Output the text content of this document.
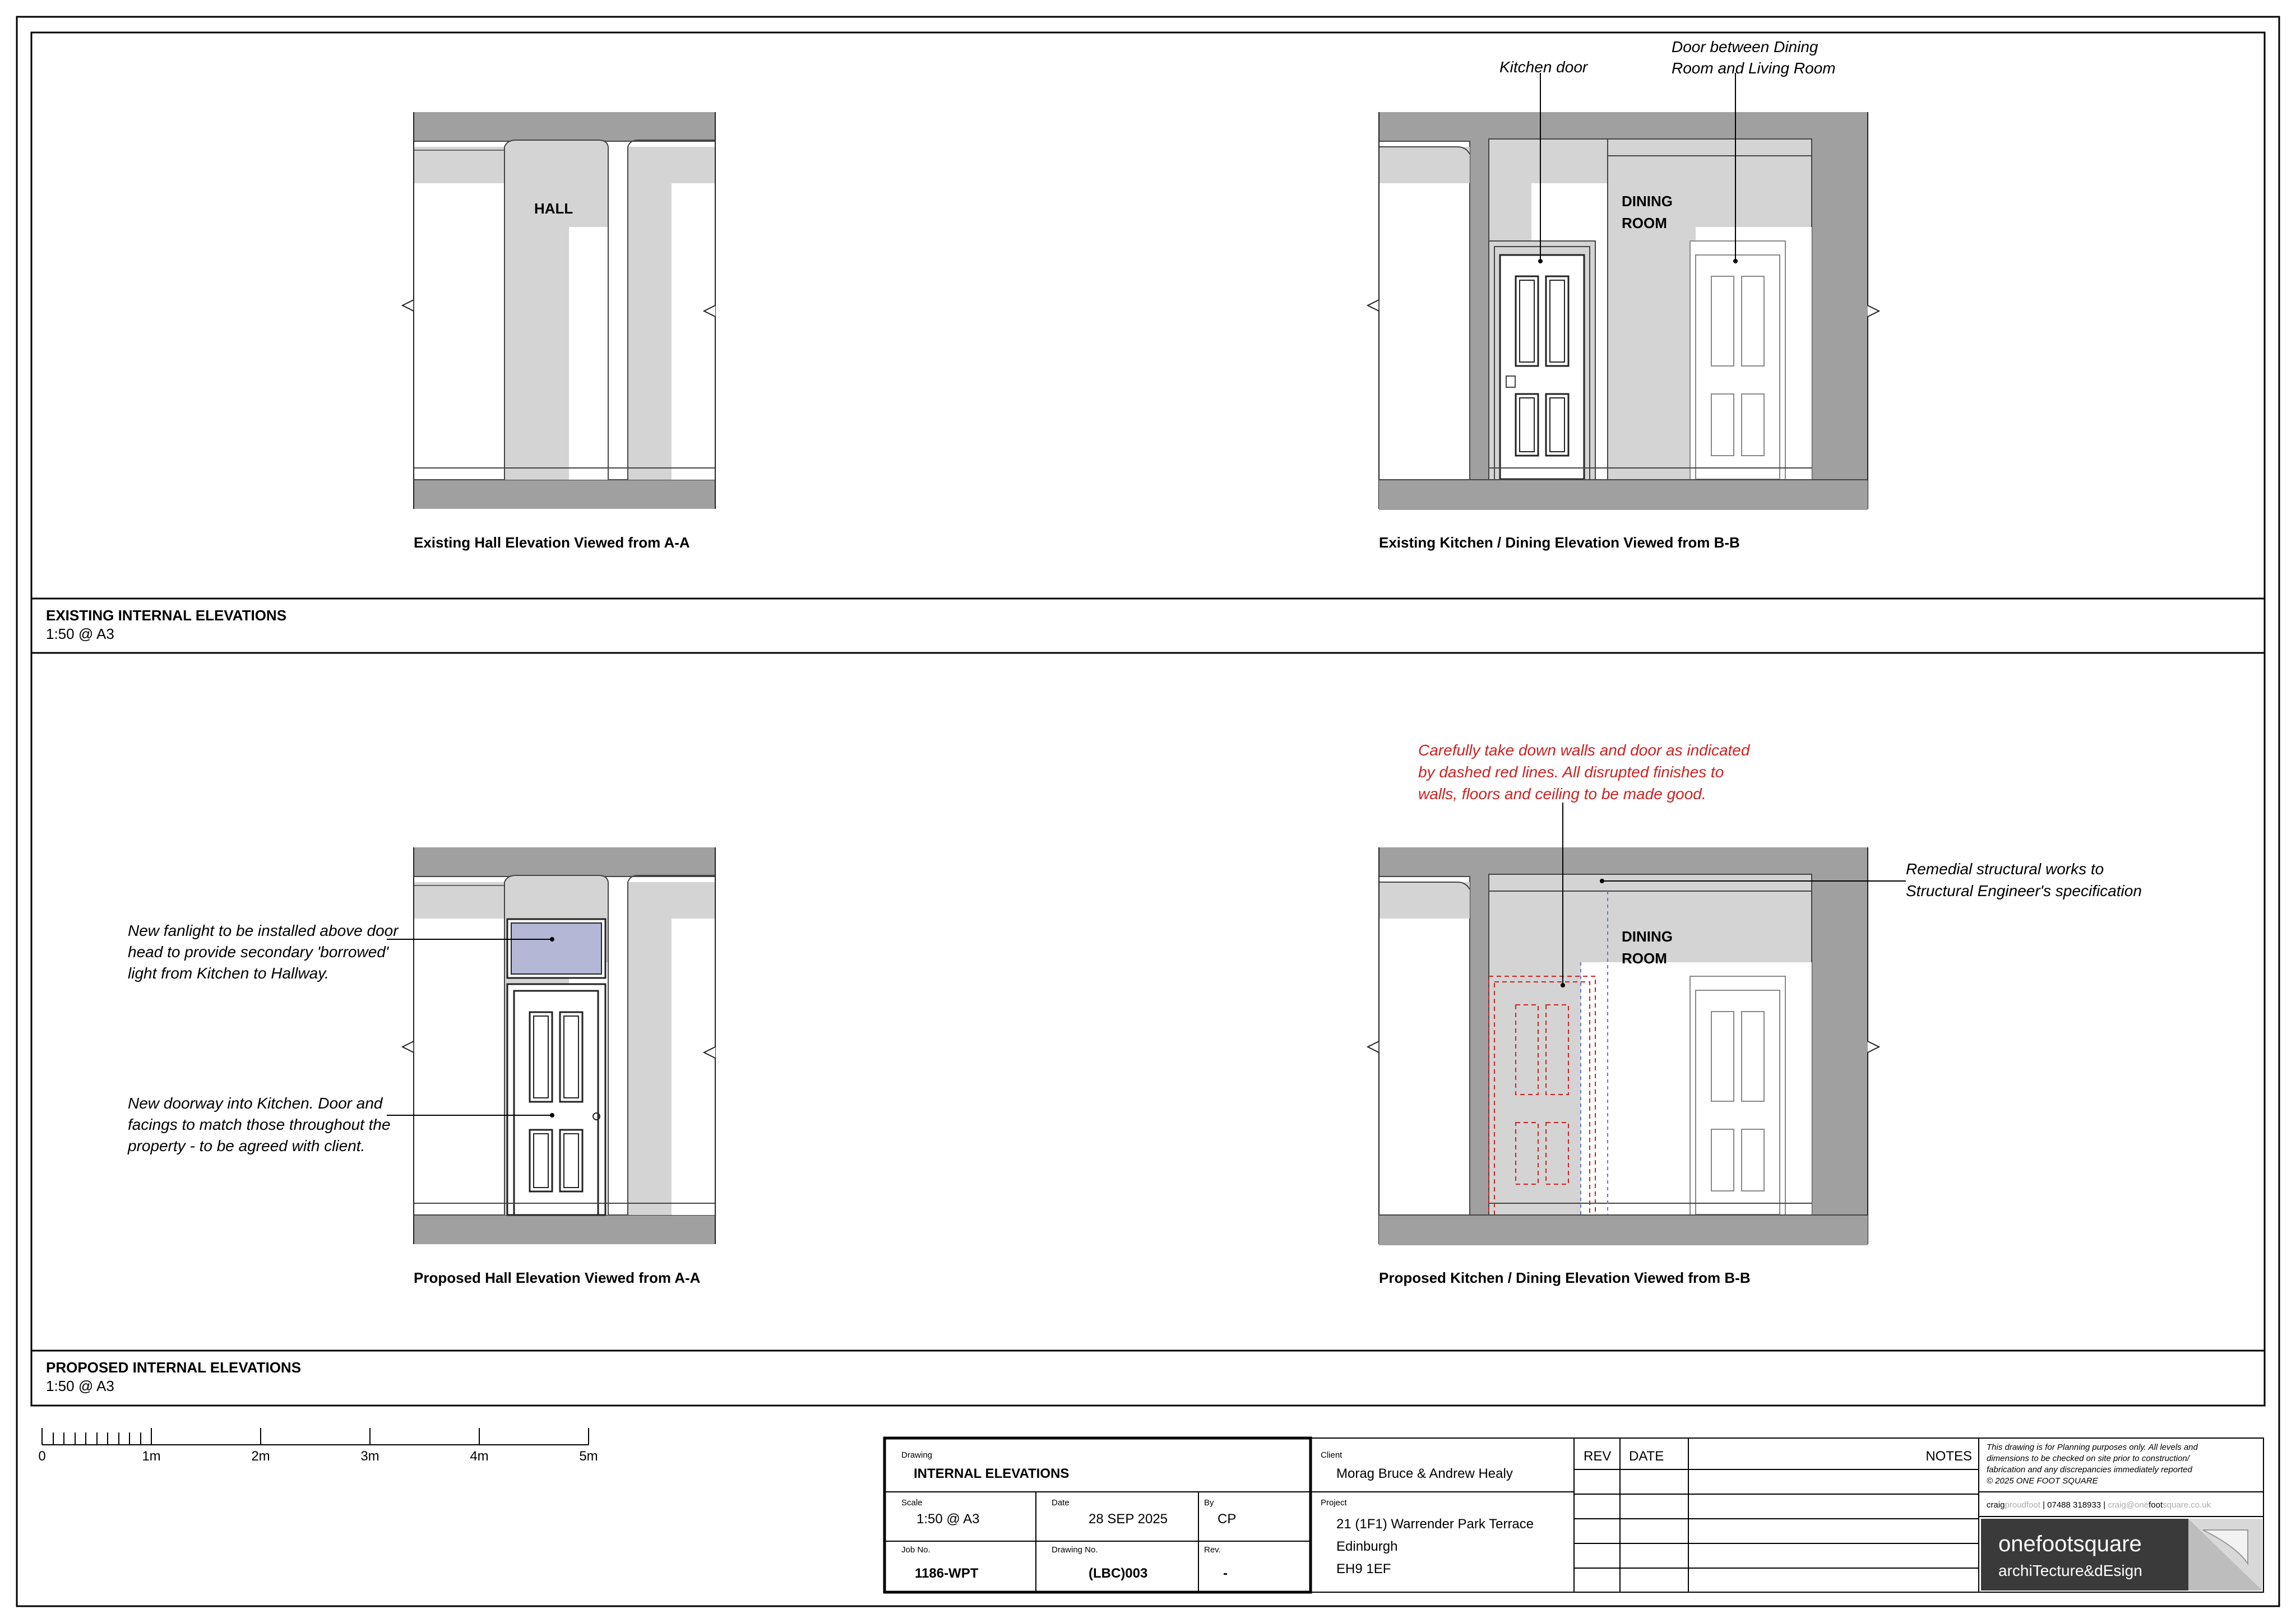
HALL
Existing Hall Elevation Viewed from A-A
DINING
ROOM
Kitchen door
Door between Dining
Room and Living Room
Existing Kitchen / Dining Elevation Viewed from B-B
EXISTING INTERNAL ELEVATIONS
1:50 @ A3
New fanlight to be installed above door
head to provide secondary 'borrowed'
light from Kitchen to Hallway.
New doorway into Kitchen. Door and
facings to match those throughout the
property - to be agreed with client.
Proposed Hall Elevation Viewed from A-A
DINING
ROOM
Carefully take down walls and door as indicated
by dashed red lines. All disrupted finishes to
walls, floors and ceiling to be made good.
Remedial structural works to
Structural Engineer's specification
Proposed Kitchen / Dining Elevation Viewed from B-B
PROPOSED INTERNAL ELEVATIONS
1:50 @ A3
0	1m	2m	3m	4m	5m	Drawing
INTERNAL ELEVATIONS
Scale
1:50 @ A3
Date
28 SEP 2025
By
CP
Job No.
1186-WPT
Drawing No.
(LBC)003
Rev.
-
Client
Morag Bruce & Andrew Healy
Project
21 (1F1) Warrender Park Terrace
Edinburgh
EH9 1EF
REV DATE	NOTES
This drawing is for Planning purposes only. All levels and
dimensions to be checked on site prior to construction/
fabrication and any discrepancies immediately reported
© 2025 ONE FOOT SQUARE
craigproudfoot | 07488 318933 | craig@onefootsquare.co.uk
onefootsquare
archiTecture&dEsign
